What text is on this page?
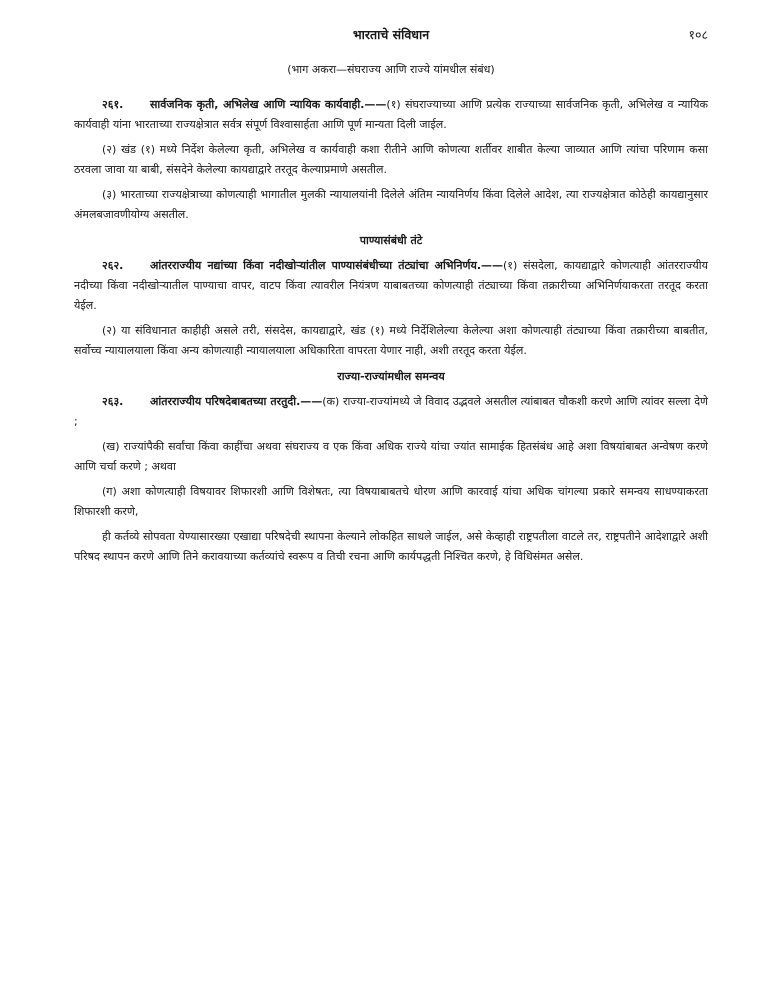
भारताचे संविधान	१०८
(भाग अकरा—संघराज्य आणि राज्ये यांमधील संबंध)

२६१. सार्वजनिक कृती, अभिलेख आणि न्यायिक कार्यवाही.——(१) संघराज्याच्या आणि प्रत्येक राज्याच्या सार्वजनिक कृती, अभिलेख व न्यायिक कार्यवाही यांना भारताच्या राज्यक्षेत्रात सर्वत्र संपूर्ण विश्वासार्हता आणि पूर्ण मान्यता दिली जाईल.

(२) खंड (१) मध्ये निर्देश केलेल्या कृती, अभिलेख व कार्यवाही कशा रीतीने आणि कोणत्या शर्तीवर शाबीत केल्या जाव्यात आणि त्यांचा परिणाम कसा ठरवला जावा या बाबी, संसदेने केलेल्या कायद्याद्वारे तरतूद केल्याप्रमाणे असतील.

(३) भारताच्या राज्यक्षेत्राच्या कोणत्याही भागातील मुलकी न्यायालयांनी दिलेले अंतिम न्यायनिर्णय किंवा दिलेले आदेश, त्या राज्यक्षेत्रात कोठेही कायद्यानुसार अंमलबजावणीयोग्य असतील.

पाण्यासंबंधी तंटे

२६२. आंतरराज्यीय नद्यांच्या किंवा नदीखोऱ्यांतील पाण्यासंबंधीच्या तंट्यांचा अभिनिर्णय.——(१) संसदेला, कायद्याद्वारे कोणत्याही आंतरराज्यीय नदीच्या किंवा नदीखोऱ्यातील पाण्याचा वापर, वाटप किंवा त्यावरील नियंत्रण याबाबतच्या कोणत्याही तंट्याच्या किंवा तक्रारीच्या अभिनिर्णयाकरता तरतूद करता येईल.

(२) या संविधानात काहीही असले तरी, संसदेस, कायद्याद्वारे, खंड (१) मध्ये निर्देशिलेल्या केलेल्या अशा कोणत्याही तंट्याच्या किंवा तक्रारीच्या बाबतीत, सर्वोच्च न्यायालयाला किंवा अन्य कोणत्याही न्यायालयाला अधिकारिता वापरता येणार नाही, अशी तरतूद करता येईल.

राज्या-राज्यांमधील समन्वय

२६३. आंतरराज्यीय परिषदेबाबतच्या तरतुदी.——(क) राज्या-राज्यांमध्ये जे विवाद उद्भवले असतील त्यांबाबत चौकशी करणे आणि त्यांवर सल्ला देणे ;

(ख) राज्यांपैकी सर्वांचा किंवा काहींचा अथवा संघराज्य व एक किंवा अधिक राज्ये यांचा ज्यांत सामाईक हितसंबंध आहे अशा विषयांबाबत अन्वेषण करणे आणि चर्चा करणे ; अथवा

(ग) अशा कोणत्याही विषयावर शिफारशी आणि विशेषतः, त्या विषयाबाबतचे धोरण आणि कारवाई यांचा अधिक चांगल्या प्रकारे समन्वय साधण्याकरता शिफारशी करणे,

ही कर्तव्ये सोपवता येण्यासारख्या एखाद्या परिषदेची स्थापना केल्याने लोकहित साधले जाईल, असे केव्हाही राष्ट्रपतीला वाटले तर, राष्ट्रपतीने आदेशाद्वारे अशी परिषद स्थापन करणे आणि तिने करावयाच्या कर्तव्यांचे स्वरूप व तिची रचना आणि कार्यपद्धती निश्चित करणे, हे विधिसंमत असेल.
